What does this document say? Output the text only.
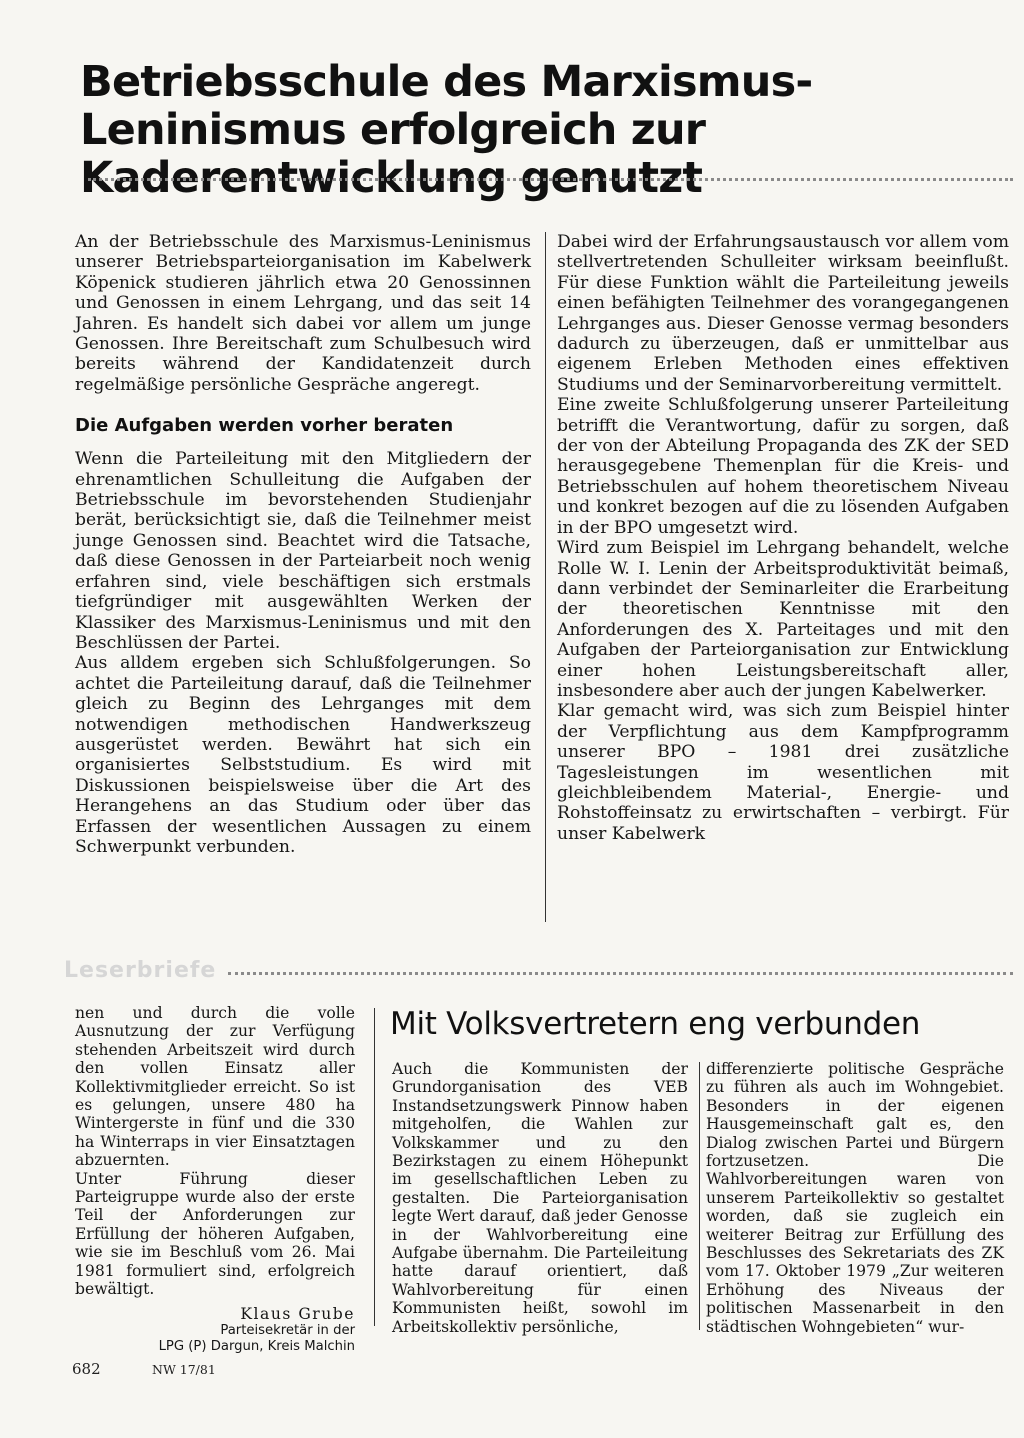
Betriebsschule des Marxismus-Leninismus erfolgreich zur Kaderentwicklung genutzt

An der Betriebsschule des Marxismus-Leninismus unserer Betriebsparteiorganisation im Kabelwerk Köpenick studieren jährlich etwa 20 Genossinnen und Genossen in einem Lehrgang, und das seit 14 Jahren. Es handelt sich dabei vor allem um junge Genossen. Ihre Bereitschaft zum Schulbesuch wird bereits während der Kandidatenzeit durch regelmäßige persönliche Gespräche angeregt.

Die Aufgaben werden vorher beraten

Wenn die Parteileitung mit den Mitgliedern der ehrenamtlichen Schulleitung die Aufgaben der Betriebsschule im bevorstehenden Studienjahr berät, berücksichtigt sie, daß die Teilnehmer meist junge Genossen sind. Beachtet wird die Tatsache, daß diese Genossen in der Parteiarbeit noch wenig erfahren sind, viele beschäftigen sich erstmals tiefgründiger mit ausgewählten Werken der Klassiker des Marxismus-Leninismus und mit den Beschlüssen der Partei.

Aus alldem ergeben sich Schlußfolgerungen. So achtet die Parteileitung darauf, daß die Teilnehmer gleich zu Beginn des Lehrganges mit dem notwendigen methodischen Handwerkszeug ausgerüstet werden. Bewährt hat sich ein organisiertes Selbststudium. Es wird mit Diskussionen beispielsweise über die Art des Herangehens an das Studium oder über das Erfassen der wesentlichen Aussagen zu einem Schwerpunkt verbunden.

Dabei wird der Erfahrungsaustausch vor allem vom stellvertretenden Schulleiter wirksam beeinflußt. Für diese Funktion wählt die Parteileitung jeweils einen befähigten Teilnehmer des vorangegangenen Lehrganges aus. Dieser Genosse vermag besonders dadurch zu überzeugen, daß er unmittelbar aus eigenem Erleben Methoden eines effektiven Studiums und der Seminarvorbereitung vermittelt.

Eine zweite Schlußfolgerung unserer Parteileitung betrifft die Verantwortung, dafür zu sorgen, daß der von der Abteilung Propaganda des ZK der SED herausgegebene Themenplan für die Kreis- und Betriebsschulen auf hohem theoretischem Niveau und konkret bezogen auf die zu lösenden Aufgaben in der BPO umgesetzt wird.

Wird zum Beispiel im Lehrgang behandelt, welche Rolle W. I. Lenin der Arbeitsproduktivität beimaß, dann verbindet der Seminarleiter die Erarbeitung der theoretischen Kenntnisse mit den Anforderungen des X. Parteitages und mit den Aufgaben der Parteiorganisation zur Entwicklung einer hohen Leistungsbereitschaft aller, insbesondere aber auch der jungen Kabelwerker.

Klar gemacht wird, was sich zum Beispiel hinter der Verpflichtung aus dem Kampfprogramm unserer BPO – 1981 drei zusätzliche Tagesleistungen im wesentlichen mit gleichbleibendem Material-, Energie- und Rohstoffeinsatz zu erwirtschaften – verbirgt. Für unser Kabelwerk

Leserbriefe

nen und durch die volle Ausnutzung der zur Verfügung stehenden Arbeitszeit wird durch den vollen Einsatz aller Kollektivmitglieder erreicht. So ist es gelungen, unsere 480 ha Wintergerste in fünf und die 330 ha Winterraps in vier Einsatztagen abzuernten.

Unter Führung dieser Parteigruppe wurde also der erste Teil der Anforderungen zur Erfüllung der höheren Aufgaben, wie sie im Beschluß vom 26. Mai 1981 formuliert sind, erfolgreich bewältigt.

Klaus Grube

Parteisekretär in der

LPG (P) Dargun, Kreis Malchin

Mit Volksvertretern eng verbunden

Auch die Kommunisten der Grundorganisation des VEB Instandsetzungswerk Pinnow haben mitgeholfen, die Wahlen zur Volkskammer und zu den Bezirkstagen zu einem Höhepunkt im gesellschaftlichen Leben zu gestalten. Die Parteiorganisation legte Wert darauf, daß jeder Genosse in der Wahlvorbereitung eine Aufgabe übernahm. Die Parteileitung hatte darauf orientiert, daß Wahlvorbereitung für einen Kommunisten heißt, sowohl im Arbeitskollektiv persönliche,

differenzierte politische Gespräche zu führen als auch im Wohngebiet. Besonders in der eigenen Hausgemeinschaft galt es, den Dialog zwischen Partei und Bürgern fortzusetzen. Die Wahlvorbereitungen waren von unserem Parteikollektiv so gestaltet worden, daß sie zugleich ein weiterer Beitrag zur Erfüllung des Beschlusses des Sekretariats des ZK vom 17. Oktober 1979 „Zur weiteren Erhöhung des Niveaus der politischen Massenarbeit in den städtischen Wohngebieten“ wur-

682	NW 17/81
